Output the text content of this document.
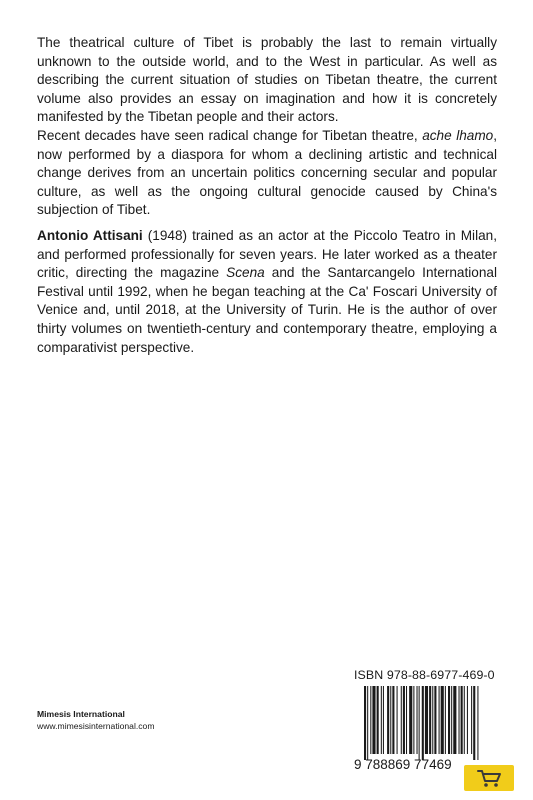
The theatrical culture of Tibet is probably the last to remain virtually unknown to the outside world, and to the West in particular. As well as describing the current situation of studies on Tibetan theatre, the current volume also provides an essay on imagination and how it is concretely manifested by the Tibetan people and their actors.

Recent decades have seen radical change for Tibetan theatre, ache lhamo, now performed by a diaspora for whom a declining artistic and technical change derives from an uncertain politics concerning secular and popular culture, as well as the ongoing cultural genocide caused by China's subjection of Tibet.

Antonio Attisani (1948) trained as an actor at the Piccolo Teatro in Milan, and performed professionally for seven years. He later worked as a theater critic, directing the magazine Scena and the Santarcangelo International Festival until 1992, when he began teaching at the Ca' Foscari University of Venice and, until 2018, at the University of Turin. He is the author of over thirty volumes on twentieth-century and contemporary theatre, employing a comparativist perspective.

Mimesis International
www.mimesisinternational.com
ISBN 978-88-6977-469-0
9 788869 77469
